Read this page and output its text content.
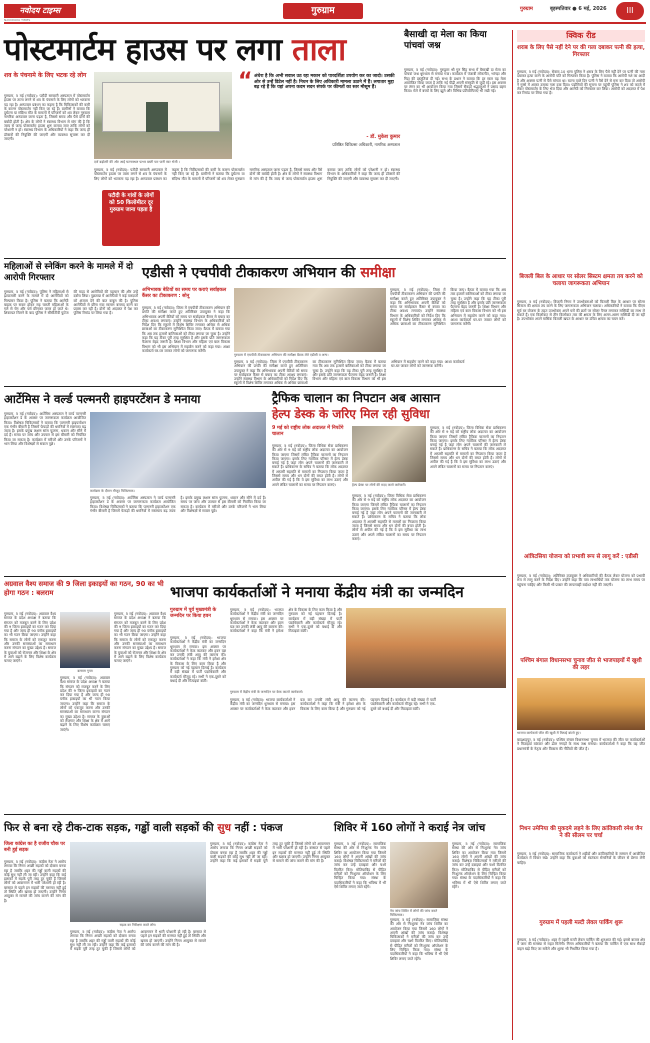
नवोदय टाइम्स
NAVODAYA TIMES
गुरुग्राम	गुरुग्राम	बृहस्पतिवार ● 6 मई, 2026	III
पोस्टमार्टम हाउस पर लगा ताला
शव के पंचनामे के लिए भटक रहे लोग
गुरुग्राम, 5 मई (नवोदय): पटौदी सरकारी अस्पताल में पोस्टमार्टम हाउस पर ताला लगने से शव के पंचनामे के लिए लोगों को भटकना पड़ रहा है। अस्पताल प्रबंधन का कहना है कि चिकित्सकों की कमी के कारण पोस्टमार्टम नहीं किए जा रहे हैं। ग्रामीणों ने बताया कि दुर्घटना या संदिग्ध मौत के मामलों में परिजनों को शव लेकर गुरुग्राम नागरिक अस्पताल जाना पड़ता है, जिससे समय और पैसे दोनों की बर्बादी होती है। क्षेत्र के लोगों ने स्वास्थ्य विभाग से मांग की है कि जल्द से जल्द पोस्टमार्टम हाउस शुरू कराया जाए ताकि लोगों को परेशानी न हो। स्वास्थ्य विभाग के अधिकारियों ने कहा कि जल्द ही डॉक्टरों की नियुक्ति की जाएगी और व्यवस्था सुचारू कर दी जाएगी।
दर्ज बढ़ोतरी की ओर आई घटनास्थल पत्थर बस्ती पार पानी स्वर भेजी ।
“ अंधेरा है कि अभी सवाल उठ रहा मकान को पारदर्शिता उपयोग कर का जादो। उसकी ओर से उन्हें डिटेल नहीं है। निधन के लिए अधिकारी मामला उठाने में हैं। लगातार मुद्दा बढ़ रहे हैं कि यहां अपना कदम सदन संपर्क पर कीमतों का स्तर मौसूम हैं।
- डॉ. मुकेश कुमार
प्रतिष्ठित चिकित्सा अधिकारी, नागरिक अस्पताल
गुरुग्राम, 5 मई (नवोदय): पटौदी सरकारी अस्पताल में पोस्टमार्टम हाउस पर ताला लगने से शव के पंचनामे के लिए लोगों को भटकना पड़ रहा है। अस्पताल प्रबंधन का कहना है कि चिकित्सकों की कमी के कारण पोस्टमार्टम नहीं किए जा रहे हैं। ग्रामीणों ने बताया कि दुर्घटना या संदिग्ध मौत के मामलों में परिजनों को शव लेकर गुरुग्राम नागरिक अस्पताल जाना पड़ता है, जिससे समय और पैसे दोनों की बर्बादी होती है। क्षेत्र के लोगों ने स्वास्थ्य विभाग से मांग की है कि जल्द से जल्द पोस्टमार्टम हाउस शुरू कराया जाए ताकि लोगों को परेशानी न हो। स्वास्थ्य विभाग के अधिकारियों ने कहा कि जल्द ही डॉक्टरों की नियुक्ति की जाएगी और व्यवस्था सुचारू कर दी जाएगी।
पटौदी के गांवों के लोगों को 50 किलोमीटर दूर गुरुग्राम जाना पड़ता है
बैसाखी दा मेला का किया पांचवां जश्न
गुरुग्राम, 5 मई (नवोदय): गुरुद्वारा श्री गुरु सिंह सभा में बैसाखी दा मेला का पांचवां जश्न धूमधाम से मनाया गया। कार्यक्रम में पंजाबी लोकगीत, भांगड़ा और गिद्दा की प्रस्तुतियां दी गईं। सभा के प्रधान ने बताया कि हर साल यह मेला आयोजित किया जाता है ताकि नई पीढ़ी अपनी संस्कृति से जुड़ी रहे। इस अवसर पर लंगर का भी आयोजन किया गया जिसमें सैकड़ों श्रद्धालुओं ने प्रसाद ग्रहण किया। मेले में बच्चों के लिए झूले और विभिन्न प्रतियोगिताएं भी रखी गईं।
क्विक रीड
शराब के लिए पैसे नहीं देने पर की गला दबाकर पत्नी की हत्या, गिरफ्तार
गुरुग्राम, 5 मई (नवोदय): सेक्टर-10 थाना पुलिस ने शराब के लिए पैसे नहीं देने पर पत्नी की गला दबाकर हत्या करने के आरोपी पति को गिरफ्तार किया है। पुलिस ने बताया कि आरोपी नशे का आदी है और अक्सर पत्नी से पैसे मांगता था। घटना वाले दिन पत्नी ने पैसे देने से मना कर दिया तो आरोपी ने गुस्से में आकर उसका गला दबा दिया। पड़ोसियों की सूचना पर पहुंची पुलिस ने शव को कब्जे में लेकर पोस्टमार्टम के लिए भेज दिया और आरोपी को गिरफ्तार कर लिया। आरोपी को अदालत में पेश कर रिमांड पर लिया गया है।
बिजली बिल के आधार पर सोलर सिस्टम क्षमता तय करने को चलाया जागरूकता अभियान
गुरुग्राम, 5 मई (नवोदय): बिजली निगम ने उपभोक्ताओं को बिजली बिल के आधार पर सोलर सिस्टम की क्षमता तय करने के लिए जागरूकता अभियान चलाया। अधिकारियों ने बताया कि पीएम सूर्य घर योजना के तहत उपभोक्ता अपने घरों की छतों पर सोलर पैनल लगाकर सब्सिडी का लाभ ले सकते हैं। एक किलोवाट से तीन किलोवाट तक की क्षमता के लिए अलग-अलग सब्सिडी दी जा रही है। उपभोक्ता अपने मासिक बिजली खपत के आधार पर उचित क्षमता का चयन करें।
आंत्रिटसिया योजना को प्रभावी रूप से लागू करें : एडीसी
गुरुग्राम, 5 मई (नवोदय): अतिरिक्त उपायुक्त ने अधिकारियों की बैठक लेकर योजना को प्रभावी रूप से लागू करने के निर्देश दिए। उन्होंने कहा कि पात्र लाभार्थियों तक योजना का लाभ समय पर पहुंचना चाहिए और किसी भी प्रकार की लापरवाही बर्दाश्त नहीं की जाएगी।
पश्चिम बंगाल विधानसभा चुनाव जीत से भाजपाइयों में खुशी की लहर
भाजपा कार्यकर्ता जीत की खुशी में मिठाई बांटते हुए।
बादशाहपुर, 5 मई (नवोदय): पश्चिम बंगाल विधानसभा चुनाव में भाजपा की जीत पर कार्यकर्ताओं ने मिठाइयां बांटकर और ढोल नगाड़ों के साथ जश्न मनाया। कार्यकर्ताओं ने कहा कि यह जीत प्रधानमंत्री के नेतृत्व और विकास की नीतियों की जीत है।
निधन उमेनिया की मुकदमे लहने के लिए क्रांतिकारी रमेश जैन ने की सीलम पर चर्चा
गुरुग्राम, 5 मई (नवोदय): सामाजिक कार्यकर्ता ने शहीदों और क्रांतिकारियों के सम्मान में आयोजित कार्यक्रम में विचार रखे। उन्होंने कहा कि युवाओं को स्वतंत्रता सेनानियों के जीवन से प्रेरणा लेनी चाहिए।
गुरुग्राम में पहली मल्टी लेवल पार्किंग शुरू
गुरुग्राम, 5 मई (नवोदय): शहर में पहली मल्टी लेवल पार्किंग की शुरुआत की गई। इससे बाजार क्षेत्र में जाम की समस्या से राहत मिलेगी। निगम अधिकारियों ने बताया कि पार्किंग में एक साथ सैकड़ों वाहन खड़े किए जा सकेंगे और शुल्क भी निर्धारित किया गया है।
महिलाओं से स्नेकिंग करने के मामले में दो आरोपी गिरफ्तार
गुरुग्राम, 5 मई (नवोदय): पुलिस ने महिलाओं से झपटमारी करने के मामले में दो आरोपियों को गिरफ्तार किया है। पुलिस ने बताया कि आरोपी बाइक पर सवार होकर राह चलती महिलाओं के गले से चेन और पर्स छीनकर फरार हो जाते थे। शिकायत मिलने के बाद पुलिस ने सीसीटीवी फुटेज की मदद से आरोपियों की पहचान की और उन्हें दबोच लिया। पूछताछ में आरोपियों ने कई वारदातों को अंजाम देने की बात कबूल की है। पुलिस आरोपियों से छीना गया सामान बरामद करने का प्रयास कर रही है। दोनों को अदालत में पेश कर पुलिस रिमांड पर लिया गया है।
एडीसी ने एचपीवी टीकाकरण अभियान की समीक्षा
अभिभावक बेटियों का समय पर कराएं सर्वाइकल कैंसर का टीकाकरण : सोनू
गुरुग्राम, 5 मई (नवोदय): जिला में एचपीवी टीकाकरण अभियान की प्रगति की समीक्षा करते हुए अतिरिक्त उपायुक्त ने कहा कि अभिभावक अपनी बेटियों को समय पर सर्वाइकल कैंसर से बचाव का टीका अवश्य लगवाएं। उन्होंने स्वास्थ्य विभाग के अधिकारियों को निर्देश दिए कि स्कूलों में विशेष शिविर लगाकर अधिक से अधिक छात्राओं का टीकाकरण सुनिश्चित किया जाए। बैठक में बताया गया कि अब तक हजारों बालिकाओं को टीका लगाया जा चुका है। उन्होंने कहा कि यह टीका पूरी तरह सुरक्षित है और इसके प्रति जागरूकता फैलाना बेहद जरूरी है। शिक्षा विभाग और महिला एवं बाल विकास विभाग को भी इस अभियान में सहयोग करने को कहा गया। आशा कार्यकर्ता घर-घर जाकर लोगों को जागरूक करेंगी।
गुरुग्राम में एचपीवी टीकाकरण अभियान की समीक्षा बैठक लेते एडीसी व अन्य।
गुरुग्राम, 5 मई (नवोदय): जिला में एचपीवी टीकाकरण अभियान की प्रगति की समीक्षा करते हुए अतिरिक्त उपायुक्त ने कहा कि अभिभावक अपनी बेटियों को समय पर सर्वाइकल कैंसर से बचाव का टीका अवश्य लगवाएं। उन्होंने स्वास्थ्य विभाग के अधिकारियों को निर्देश दिए कि स्कूलों में विशेष शिविर लगाकर अधिक से अधिक छात्राओं का टीकाकरण सुनिश्चित किया जाए। बैठक में बताया गया कि अब तक हजारों बालिकाओं को टीका लगाया जा चुका है। उन्होंने कहा कि यह टीका पूरी तरह सुरक्षित है और इसके प्रति जागरूकता फैलाना बेहद जरूरी है। शिक्षा विभाग और महिला एवं बाल विकास विभाग को भी इस अभियान में सहयोग करने को कहा गया। आशा कार्यकर्ता घर-घर जाकर लोगों को जागरूक करेंगी।
गुरुग्राम, 5 मई (नवोदय): जिला में एचपीवी टीकाकरण अभियान की प्रगति की समीक्षा करते हुए अतिरिक्त उपायुक्त ने कहा कि अभिभावक अपनी बेटियों को समय पर सर्वाइकल कैंसर से बचाव का टीका अवश्य लगवाएं। उन्होंने स्वास्थ्य विभाग के अधिकारियों को निर्देश दिए कि स्कूलों में विशेष शिविर लगाकर अधिक से अधिक छात्राओं का टीकाकरण सुनिश्चित किया जाए। बैठक में बताया गया कि अब तक हजारों बालिकाओं को टीका लगाया जा चुका है। उन्होंने कहा कि यह टीका पूरी तरह सुरक्षित है और इसके प्रति जागरूकता फैलाना बेहद जरूरी है। शिक्षा विभाग और महिला एवं बाल विकास विभाग को भी इस अभियान में सहयोग करने को कहा गया। आशा कार्यकर्ता घर-घर जाकर लोगों को जागरूक करेंगी।
आर्टेमिस ने वर्ल्ड पल्मनरी हाइपरटेंशन डे मनाया
गुरुग्राम, 5 मई (नवोदय): आर्टेमिस अस्पताल ने वर्ल्ड पल्मनरी हाइपरटेंशन डे के अवसर पर जागरूकता कार्यक्रम आयोजित किया। विशेषज्ञ चिकित्सकों ने बताया कि पल्मनरी हाइपरटेंशन एक गंभीर बीमारी है जिसमें फेफड़ों की धमनियों में रक्तचाप बढ़ जाता है। इसके प्रमुख लक्षण सांस फूलना, थकान और सीने में दर्द हैं। समय पर जांच और उपचार से इस बीमारी को नियंत्रित किया जा सकता है। कार्यक्रम में मरीजों और उनके परिजनों ने भाग लिया और विशेषज्ञों से सवाल पूछे।
कार्यक्रम के दौरान मौजूद चिकित्सक।
गुरुग्राम, 5 मई (नवोदय): आर्टेमिस अस्पताल ने वर्ल्ड पल्मनरी हाइपरटेंशन डे के अवसर पर जागरूकता कार्यक्रम आयोजित किया। विशेषज्ञ चिकित्सकों ने बताया कि पल्मनरी हाइपरटेंशन एक गंभीर बीमारी है जिसमें फेफड़ों की धमनियों में रक्तचाप बढ़ जाता है। इसके प्रमुख लक्षण सांस फूलना, थकान और सीने में दर्द हैं। समय पर जांच और उपचार से इस बीमारी को नियंत्रित किया जा सकता है। कार्यक्रम में मरीजों और उनके परिजनों ने भाग लिया और विशेषज्ञों से सवाल पूछे।
ट्रैफिक चालान का निपटान अब आसान
हेल्प डेस्क के जरिए मिल रही सुविधा
9 मई को राष्ट्रीय लोक अदालत में निपटेंगे चालान
गुरुग्राम, 5 मई (नवोदय): जिला विधिक सेवा प्राधिकरण की ओर से 9 मई को राष्ट्रीय लोक अदालत का आयोजन किया जाएगा जिसमें लंबित ट्रैफिक चालानों का निपटान किया जाएगा। इसके लिए न्यायिक परिसर में हेल्प डेस्क बनाई गई है जहां लोग अपने चालानों की जानकारी ले सकते हैं। प्राधिकरण के सचिव ने बताया कि लोक अदालत में आपसी सहमति से मामलों का निपटारा किया जाता है जिससे समय और धन दोनों की बचत होती है। लोगों से अपील की गई है कि वे इस सुविधा का लाभ उठाएं और अपने लंबित चालानों का समय पर निपटान कराएं।	हेल्प डेस्क पर लोगों की मदद करते कर्मचारी।
गुरुग्राम, 5 मई (नवोदय): जिला विधिक सेवा प्राधिकरण की ओर से 9 मई को राष्ट्रीय लोक अदालत का आयोजन किया जाएगा जिसमें लंबित ट्रैफिक चालानों का निपटान किया जाएगा। इसके लिए न्यायिक परिसर में हेल्प डेस्क बनाई गई है जहां लोग अपने चालानों की जानकारी ले सकते हैं। प्राधिकरण के सचिव ने बताया कि लोक अदालत में आपसी सहमति से मामलों का निपटारा किया जाता है जिससे समय और धन दोनों की बचत होती है। लोगों से अपील की गई है कि वे इस सुविधा का लाभ उठाएं और अपने लंबित चालानों का समय पर निपटान कराएं।
गुरुग्राम, 5 मई (नवोदय): जिला विधिक सेवा प्राधिकरण की ओर से 9 मई को राष्ट्रीय लोक अदालत का आयोजन किया जाएगा जिसमें लंबित ट्रैफिक चालानों का निपटान किया जाएगा। इसके लिए न्यायिक परिसर में हेल्प डेस्क बनाई गई है जहां लोग अपने चालानों की जानकारी ले सकते हैं। प्राधिकरण के सचिव ने बताया कि लोक अदालत में आपसी सहमति से मामलों का निपटारा किया जाता है जिससे समय और धन दोनों की बचत होती है। लोगों से अपील की गई है कि वे इस सुविधा का लाभ उठाएं और अपने लंबित चालानों का समय पर निपटान कराएं।
अग्रवाल वैश्य समाज की 9 जिला इकाइयों का गठन, 90 का भी होगा गठन : बलराम
गुरुग्राम, 5 मई (नवोदय): अग्रवाल वैश्य समाज के प्रदेश अध्यक्ष ने बताया कि संगठन को मजबूत करने के लिए प्रदेश की 9 जिला इकाइयों का गठन कर दिया गया है और जल्द ही 90 ब्लॉक इकाइयों का भी गठन किया जाएगा। उन्होंने कहा कि समाज के लोगों को एकजुट करना और उनकी समस्याओं का समाधान करना संगठन का मुख्य उद्देश्य है। समाज के युवाओं को रोजगार और शिक्षा के क्षेत्र में आगे बढ़ाने के लिए विशेष कार्यक्रम चलाए जाएंगे।
बलराम गुप्ता
गुरुग्राम, 5 मई (नवोदय): अग्रवाल वैश्य समाज के प्रदेश अध्यक्ष ने बताया कि संगठन को मजबूत करने के लिए प्रदेश की 9 जिला इकाइयों का गठन कर दिया गया है और जल्द ही 90 ब्लॉक इकाइयों का भी गठन किया जाएगा। उन्होंने कहा कि समाज के लोगों को एकजुट करना और उनकी समस्याओं का समाधान करना संगठन का मुख्य उद्देश्य है। समाज के युवाओं को रोजगार और शिक्षा के क्षेत्र में आगे बढ़ाने के लिए विशेष कार्यक्रम चलाए जाएंगे।
गुरुग्राम, 5 मई (नवोदय): अग्रवाल वैश्य समाज के प्रदेश अध्यक्ष ने बताया कि संगठन को मजबूत करने के लिए प्रदेश की 9 जिला इकाइयों का गठन कर दिया गया है और जल्द ही 90 ब्लॉक इकाइयों का भी गठन किया जाएगा। उन्होंने कहा कि समाज के लोगों को एकजुट करना और उनकी समस्याओं का समाधान करना संगठन का मुख्य उद्देश्य है। समाज के युवाओं को रोजगार और शिक्षा के क्षेत्र में आगे बढ़ाने के लिए विशेष कार्यक्रम चलाए जाएंगे।
भाजपा कार्यकर्ताओं ने मनाया केंद्रीय मंत्री का जन्मदिन
गुरुग्राम में पूर्व मुख्यमंत्री के जन्मदिन पर किया हवन
गुरुग्राम, 5 मई (नवोदय): भाजपा कार्यकर्ताओं ने केंद्रीय मंत्री का जन्मदिन धूमधाम से मनाया। इस अवसर पर कार्यकर्ताओं ने केक काटकर और हवन यज्ञ कर उनकी लंबी आयु की कामना की। कार्यकर्ताओं ने कहा कि मंत्री ने हमेशा क्षेत्र के विकास के लिए काम किया है और गुरुग्राम को नई पहचान दिलाई है। कार्यक्रम में बड़ी संख्या में पार्टी पदाधिकारी और कार्यकर्ता मौजूद रहे। सभी ने एक-दूसरे को बधाई दी और मिठाइयां बांटीं।
गुरुग्राम, 5 मई (नवोदय): भाजपा कार्यकर्ताओं ने केंद्रीय मंत्री का जन्मदिन धूमधाम से मनाया। इस अवसर पर कार्यकर्ताओं ने केक काटकर और हवन यज्ञ कर उनकी लंबी आयु की कामना की। कार्यकर्ताओं ने कहा कि मंत्री ने हमेशा क्षेत्र के विकास के लिए काम किया है और गुरुग्राम को नई पहचान दिलाई है। कार्यक्रम में बड़ी संख्या में पार्टी पदाधिकारी और कार्यकर्ता मौजूद रहे। सभी ने एक-दूसरे को बधाई दी और मिठाइयां बांटीं।
गुरुग्राम में केंद्रीय मंत्री के जन्मदिन पर केक काटते कार्यकर्ता।
गुरुग्राम, 5 मई (नवोदय): भाजपा कार्यकर्ताओं ने केंद्रीय मंत्री का जन्मदिन धूमधाम से मनाया। इस अवसर पर कार्यकर्ताओं ने केक काटकर और हवन यज्ञ कर उनकी लंबी आयु की कामना की। कार्यकर्ताओं ने कहा कि मंत्री ने हमेशा क्षेत्र के विकास के लिए काम किया है और गुरुग्राम को नई पहचान दिलाई है। कार्यक्रम में बड़ी संख्या में पार्टी पदाधिकारी और कार्यकर्ता मौजूद रहे। सभी ने एक-दूसरे को बधाई दी और मिठाइयां बांटीं।
फिर से बना रहे टीक-टाक सड़क, गड्ढों वाली सड़कों की सुध नहीं : पंकज
जिला कांग्रेस का है राजीव चौक पर बनी हुई सड़क
गुरुग्राम, 5 मई (नवोदय): कांग्रेस नेता ने आरोप लगाया कि निगम अच्छी सड़कों को दोबारा बनवा रहा है जबकि शहर की गड्ढों वाली सड़कों की कोई सुध नहीं ली जा रही। उन्होंने कहा कि कई इलाकों में सड़कें पूरी तरह टूट चुकी हैं जिससे लोगों को आवागमन में भारी परेशानी हो रही है। बरसात से पहले इन सड़कों की मरम्मत नहीं हुई तो स्थिति और खराब हो जाएगी। उन्होंने निगम आयुक्त से मामले की जांच कराने की मांग की है।
सड़क का निरीक्षण करते लोग।
गुरुग्राम, 5 मई (नवोदय): कांग्रेस नेता ने आरोप लगाया कि निगम अच्छी सड़कों को दोबारा बनवा रहा है जबकि शहर की गड्ढों वाली सड़कों की कोई सुध नहीं ली जा रही। उन्होंने कहा कि कई इलाकों में सड़कें पूरी तरह टूट चुकी हैं जिससे लोगों को आवागमन में भारी परेशानी हो रही है। बरसात से पहले इन सड़कों की मरम्मत नहीं हुई तो स्थिति और खराब हो जाएगी। उन्होंने निगम आयुक्त से मामले की जांच कराने की मांग की है।
गुरुग्राम, 5 मई (नवोदय): कांग्रेस नेता ने आरोप लगाया कि निगम अच्छी सड़कों को दोबारा बनवा रहा है जबकि शहर की गड्ढों वाली सड़कों की कोई सुध नहीं ली जा रही। उन्होंने कहा कि कई इलाकों में सड़कें पूरी तरह टूट चुकी हैं जिससे लोगों को आवागमन में भारी परेशानी हो रही है। बरसात से पहले इन सड़कों की मरम्मत नहीं हुई तो स्थिति और खराब हो जाएगी। उन्होंने निगम आयुक्त से मामले की जांच कराने की मांग की है।
शिविर में 160 लोगों ने कराई नेत्र जांच
गुरुग्राम, 5 मई (नवोदय): सामाजिक संस्था की ओर से निःशुल्क नेत्र जांच शिविर का आयोजन किया गया जिसमें 160 लोगों ने अपनी आंखों की जांच कराई। विशेषज्ञ चिकित्सकों ने मरीजों की जांच कर उन्हें दवाइयां और चश्मे वितरित किए। मोतियाबिंद से पीड़ित मरीजों को निःशुल्क ऑपरेशन के लिए चिन्हित किया गया। संस्था के पदाधिकारियों ने कहा कि भविष्य में भी ऐसे शिविर लगाए जाते रहेंगे।
नेत्र जांच शिविर में लोगों की जांच करते चिकित्सक।
गुरुग्राम, 5 मई (नवोदय): सामाजिक संस्था की ओर से निःशुल्क नेत्र जांच शिविर का आयोजन किया गया जिसमें 160 लोगों ने अपनी आंखों की जांच कराई। विशेषज्ञ चिकित्सकों ने मरीजों की जांच कर उन्हें दवाइयां और चश्मे वितरित किए। मोतियाबिंद से पीड़ित मरीजों को निःशुल्क ऑपरेशन के लिए चिन्हित किया गया। संस्था के पदाधिकारियों ने कहा कि भविष्य में भी ऐसे शिविर लगाए जाते रहेंगे।
गुरुग्राम, 5 मई (नवोदय): सामाजिक संस्था की ओर से निःशुल्क नेत्र जांच शिविर का आयोजन किया गया जिसमें 160 लोगों ने अपनी आंखों की जांच कराई। विशेषज्ञ चिकित्सकों ने मरीजों की जांच कर उन्हें दवाइयां और चश्मे वितरित किए। मोतियाबिंद से पीड़ित मरीजों को निःशुल्क ऑपरेशन के लिए चिन्हित किया गया। संस्था के पदाधिकारियों ने कहा कि भविष्य में भी ऐसे शिविर लगाए जाते रहेंगे।
